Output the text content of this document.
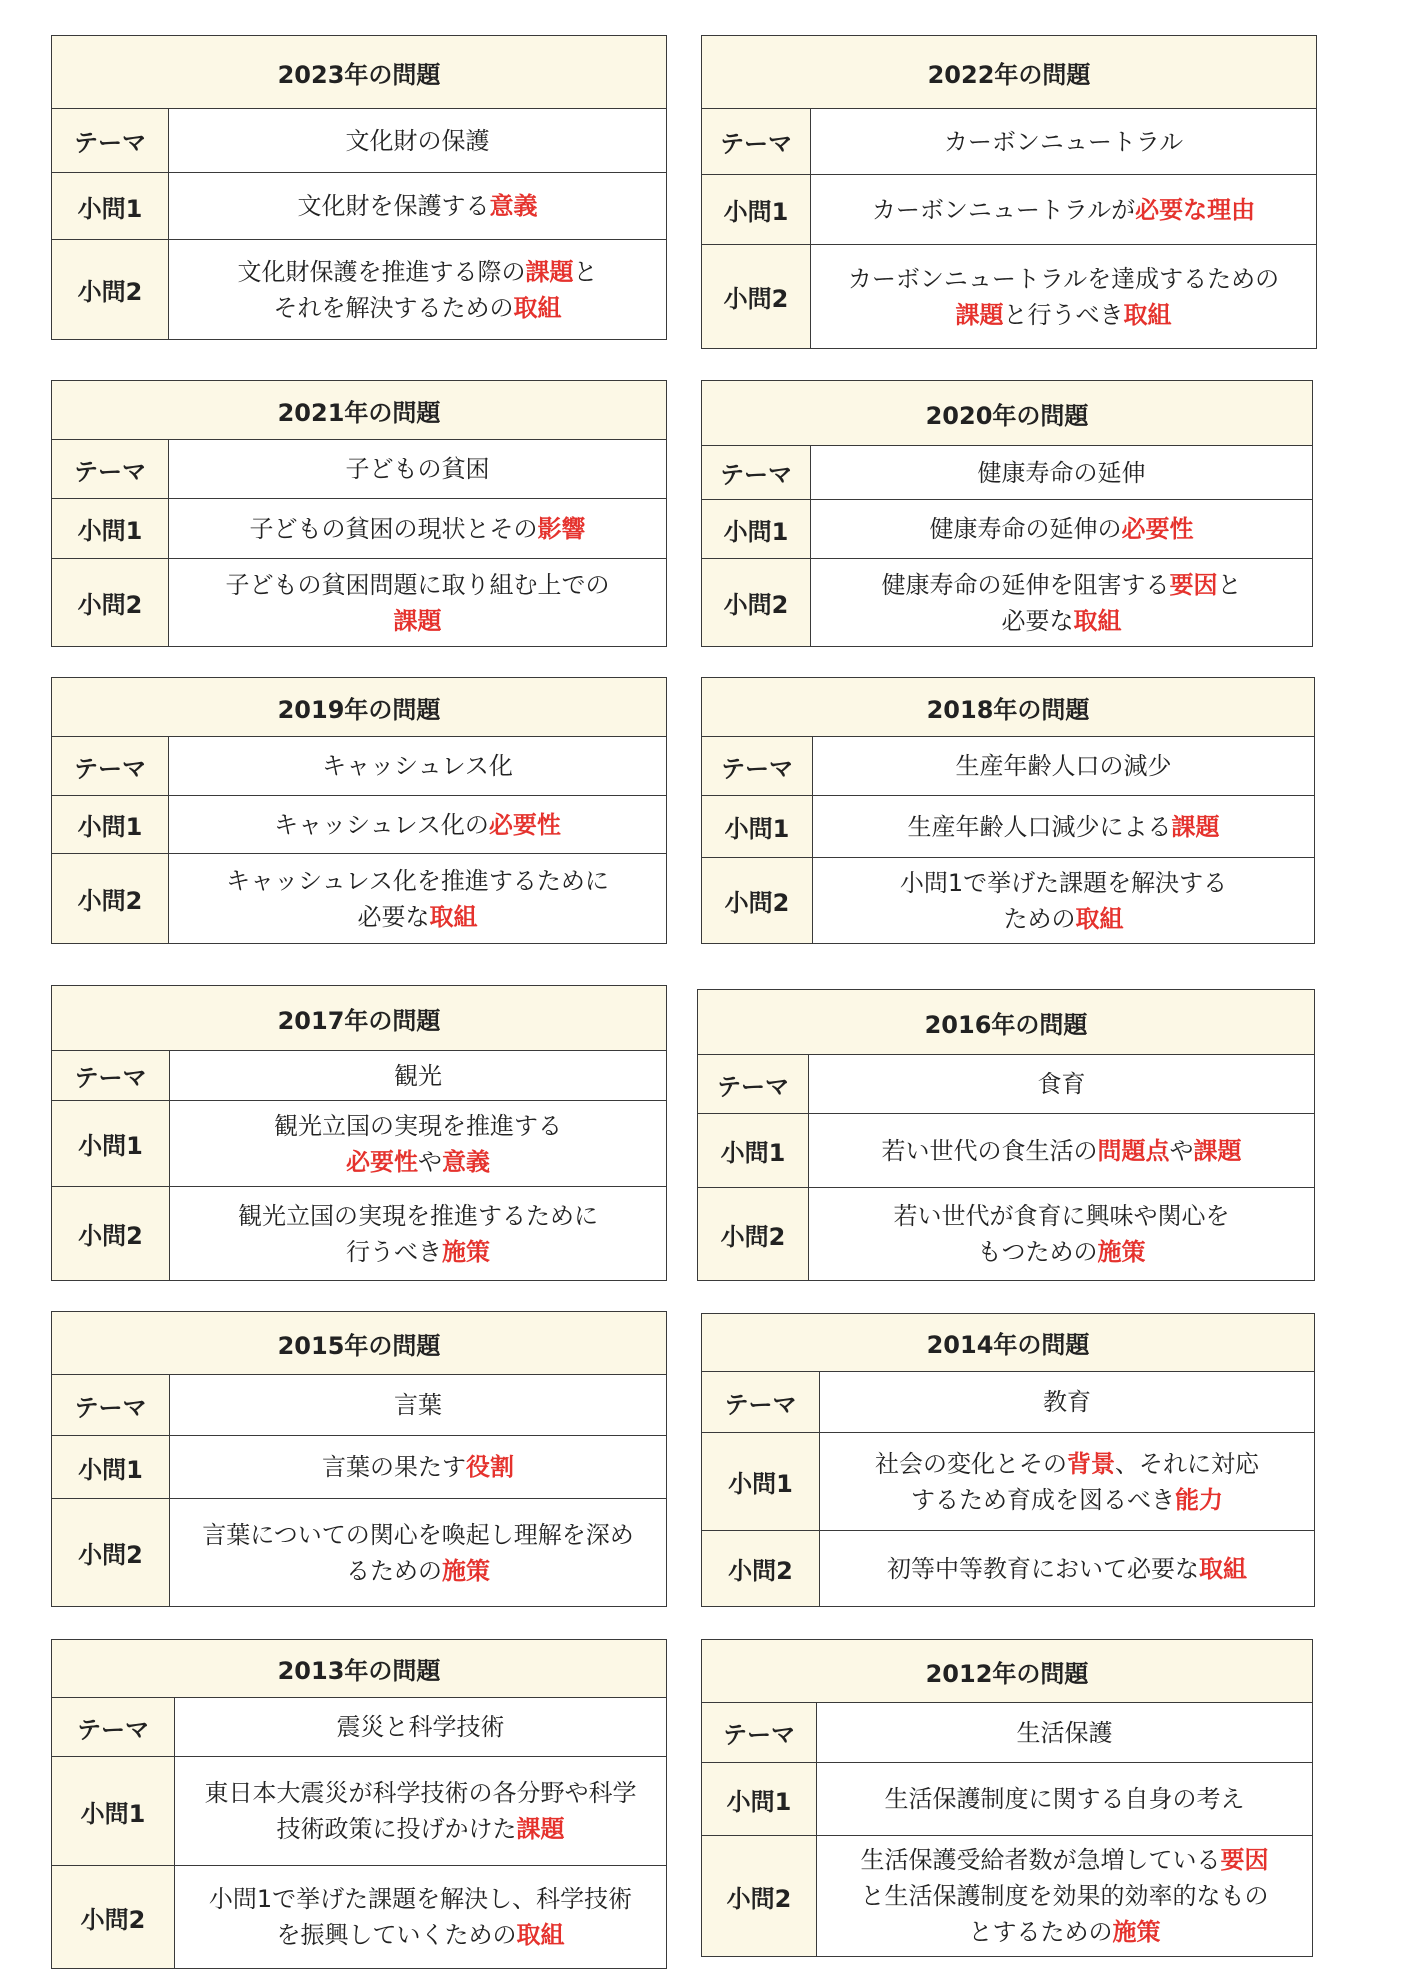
2023年の問題
テーマ	文化財の保護
小問1	文化財を保護する意義
小問2
文化財保護を推進する際の課題と
それを解決するための取組
2022年の問題
テーマ	カーボンニュートラル
小問1	カーボンニュートラルが必要な理由
小問2
カーボンニュートラルを達成するための
課題と行うべき取組
2021年の問題
テーマ	子どもの貧困
小問1	子どもの貧困の現状とその影響
小問2
子どもの貧困問題に取り組む上での
課題
2020年の問題
テーマ	健康寿命の延伸
小問1	健康寿命の延伸の必要性
小問2
健康寿命の延伸を阻害する要因と
必要な取組
2019年の問題
テーマ	キャッシュレス化
小問1	キャッシュレス化の必要性
小問2
キャッシュレス化を推進するために
必要な取組
2018年の問題
テーマ	生産年齢人口の減少
小問1	生産年齢人口減少による課題
小問2
小問1で挙げた課題を解決する
ための取組
2017年の問題
テーマ	観光
小問1
観光立国の実現を推進する
必要性や意義
小問2
観光立国の実現を推進するために
行うべき施策
2016年の問題
テーマ	食育
小問1	若い世代の食生活の問題点や課題
小問2
若い世代が食育に興味や関心を
もつための施策
2015年の問題
テーマ	言葉
小問1	言葉の果たす役割
小問2
言葉についての関心を喚起し理解を深め
るための施策
2014年の問題
テーマ	教育
小問1
社会の変化とその背景、それに対応
するため育成を図るべき能力
小問2	初等中等教育において必要な取組
2013年の問題
テーマ	震災と科学技術
小問1
東日本大震災が科学技術の各分野や科学
技術政策に投げかけた課題
小問2
小問1で挙げた課題を解決し、科学技術
を振興していくための取組
2012年の問題
テーマ	生活保護
小問1	生活保護制度に関する自身の考え
小問2
生活保護受給者数が急増している要因
と生活保護制度を効果的効率的なもの
とするための施策
